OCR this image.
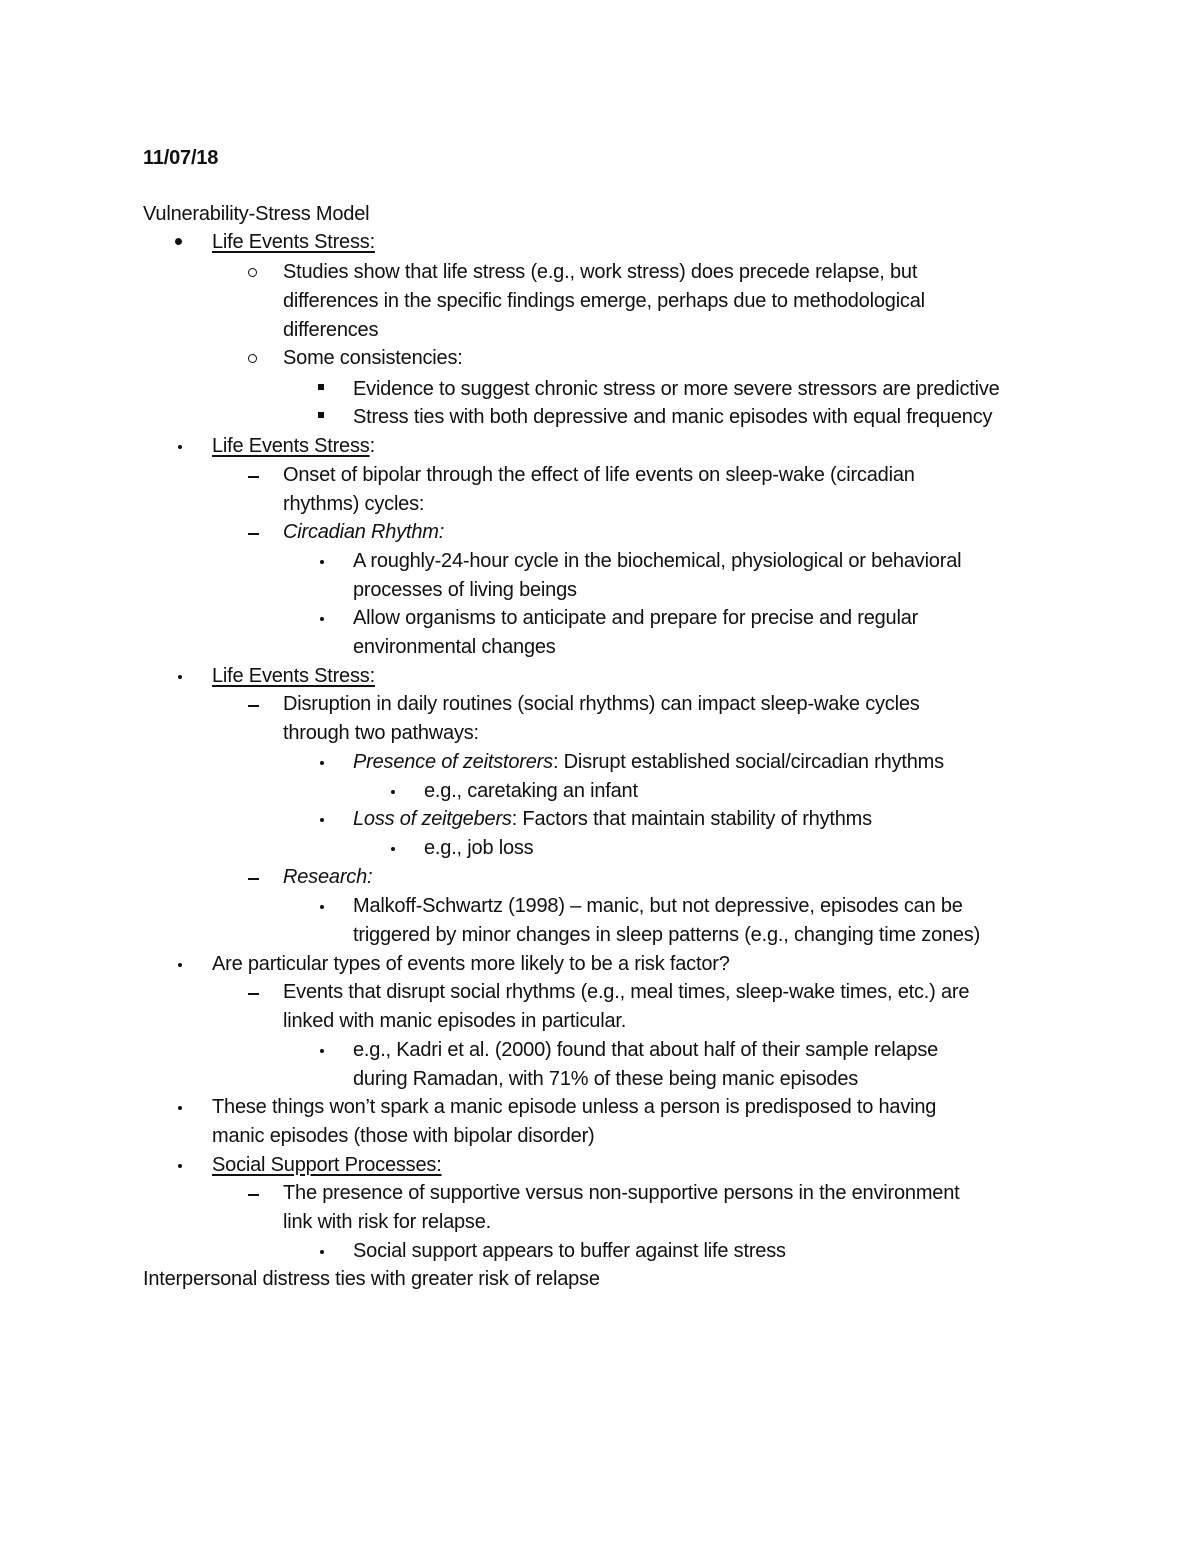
11/07/18
Vulnerability-Stress Model
Life Events Stress:
Studies show that life stress (e.g., work stress) does precede relapse, but
differences in the specific findings emerge, perhaps due to methodological
differences
Some consistencies:
Evidence to suggest chronic stress or more severe stressors are predictive
Stress ties with both depressive and manic episodes with equal frequency
Life Events Stress:
Onset of bipolar through the effect of life events on sleep-wake (circadian
rhythms) cycles:
Circadian Rhythm:
A roughly-24-hour cycle in the biochemical, physiological or behavioral
processes of living beings
Allow organisms to anticipate and prepare for precise and regular
environmental changes
Life Events Stress:
Disruption in daily routines (social rhythms) can impact sleep-wake cycles
through two pathways:
Presence of zeitstorers: Disrupt established social/circadian rhythms
e.g., caretaking an infant
Loss of zeitgebers: Factors that maintain stability of rhythms
e.g., job loss
Research:
Malkoff-Schwartz (1998) – manic, but not depressive, episodes can be
triggered by minor changes in sleep patterns (e.g., changing time zones)
Are particular types of events more likely to be a risk factor?
Events that disrupt social rhythms (e.g., meal times, sleep-wake times, etc.) are
linked with manic episodes in particular.
e.g., Kadri et al. (2000) found that about half of their sample relapse
during Ramadan, with 71% of these being manic episodes
These things won’t spark a manic episode unless a person is predisposed to having
manic episodes (those with bipolar disorder)
Social Support Processes:
The presence of supportive versus non-supportive persons in the environment
link with risk for relapse.
Social support appears to buffer against life stress
Interpersonal distress ties with greater risk of relapse
